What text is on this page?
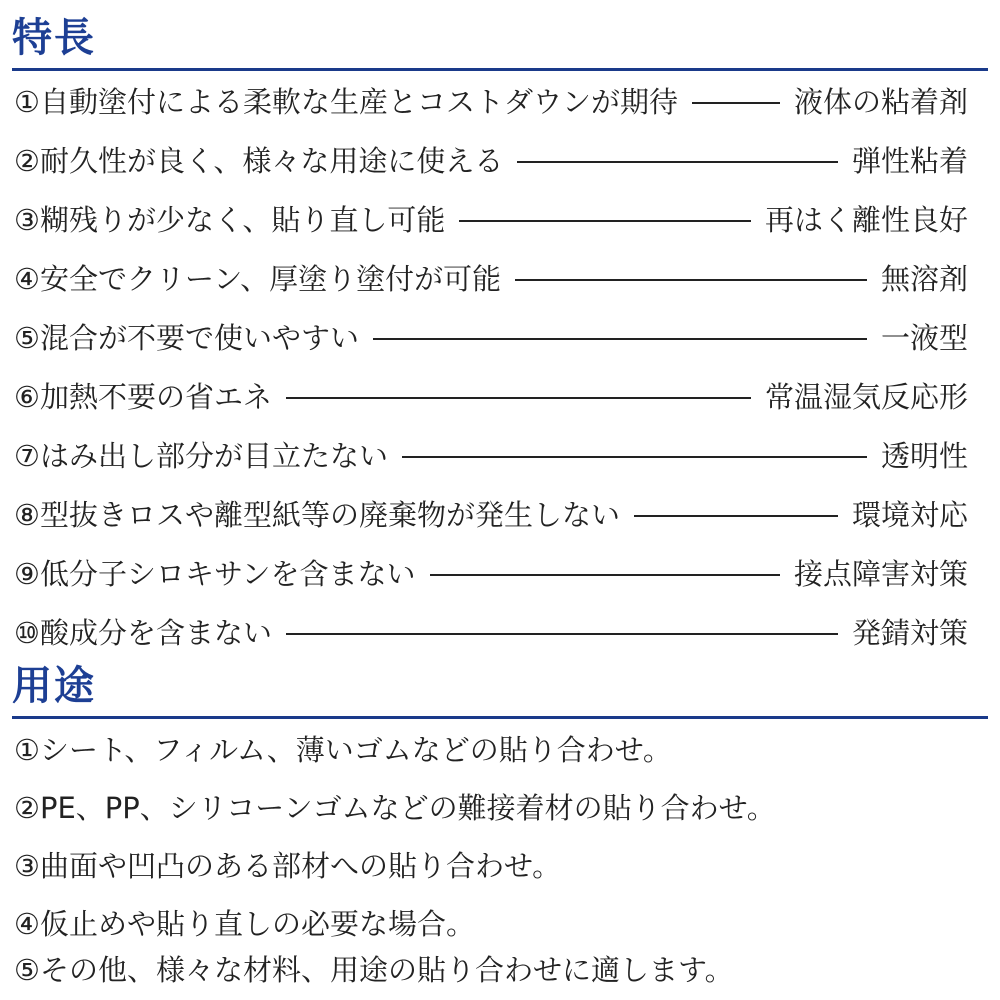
特長
①自動塗付による柔軟な生産とコストダウンが期待	液体の粘着剤
②耐久性が良く、様々な用途に使える	弾性粘着
③糊残りが少なく、貼り直し可能	再はく離性良好
④安全でクリーン、厚塗り塗付が可能	無溶剤
⑤混合が不要で使いやすい	一液型
⑥加熱不要の省エネ	常温湿気反応形
⑦はみ出し部分が目立たない	透明性
⑧型抜きロスや離型紙等の廃棄物が発生しない	環境対応
⑨低分子シロキサンを含まない	接点障害対策
⑩酸成分を含まない	発錆対策
用途
①シート、フィルム、薄いゴムなどの貼り合わせ。
②PE、PP、シリコーンゴムなどの難接着材の貼り合わせ。
③曲面や凹凸のある部材への貼り合わせ。
④仮止めや貼り直しの必要な場合。
⑤その他、様々な材料、用途の貼り合わせに適します。
